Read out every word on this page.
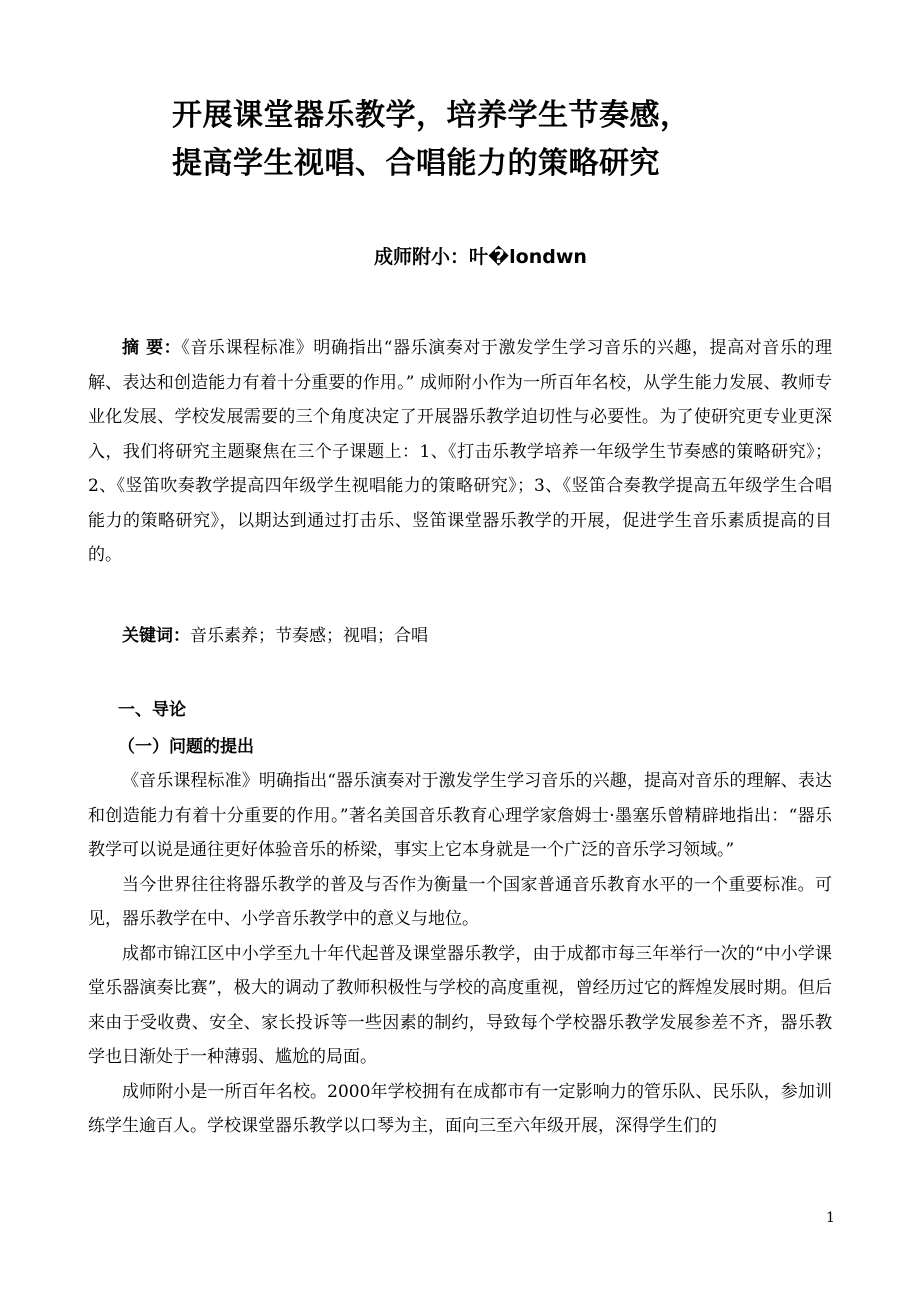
开展课堂器乐教学，培养学生节奏感，
提高学生视唱、合唱能力的策略研究

成师附小：叶�londwn

摘 要：《音乐课程标准》明确指出“器乐演奏对于激发学生学习音乐的兴趣，提高对音乐的理解、表达和创造能力有着十分重要的作用。” 成师附小作为一所百年名校，从学生能力发展、教师专业化发展、学校发展需要的三个角度决定了开展器乐教学迫切性与必要性。为了使研究更专业更深入，我们将研究主题聚焦在三个子课题上：1、《打击乐教学培养一年级学生节奏感的策略研究》；2、《竖笛吹奏教学提高四年级学生视唱能力的策略研究》；3、《竖笛合奏教学提高五年级学生合唱能力的策略研究》，以期达到通过打击乐、竖笛课堂器乐教学的开展，促进学生音乐素质提高的目的。

关键词：音乐素养；节奏感；视唱；合唱

一、导论
（一）问题的提出

《音乐课程标准》明确指出“器乐演奏对于激发学生学习音乐的兴趣，提高对音乐的理解、表达和创造能力有着十分重要的作用。”著名美国音乐教育心理学家詹姆士·墨塞乐曾精辟地指出：“器乐教学可以说是通往更好体验音乐的桥梁，事实上它本身就是一个广泛的音乐学习领域。”

当今世界往往将器乐教学的普及与否作为衡量一个国家普通音乐教育水平的一个重要标准。可见，器乐教学在中、小学音乐教学中的意义与地位。

成都市锦江区中小学至九十年代起普及课堂器乐教学，由于成都市每三年举行一次的“中小学课堂乐器演奏比赛”，极大的调动了教师积极性与学校的高度重视，曾经历过它的辉煌发展时期。但后来由于受收费、安全、家长投诉等一些因素的制约，导致每个学校器乐教学发展参差不齐，器乐教学也日渐处于一种薄弱、尴尬的局面。

成师附小是一所百年名校。2000年学校拥有在成都市有一定影响力的管乐队、民乐队，参加训练学生逾百人。学校课堂器乐教学以口琴为主，面向三至六年级开展，深得学生们的

1
